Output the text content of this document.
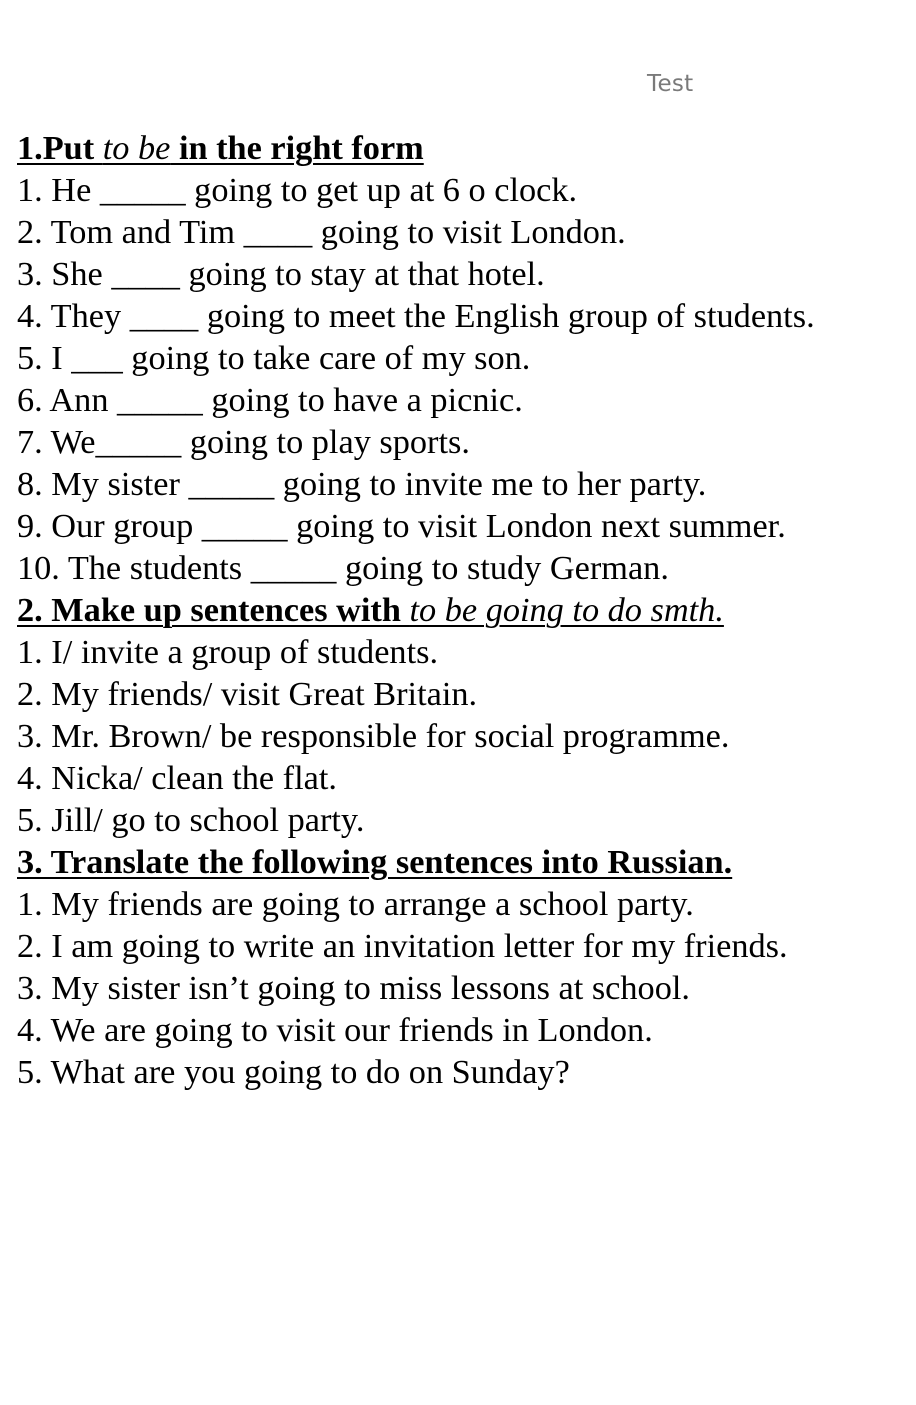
Test
1.Put to be in the right form
1. He _____ going to get up at 6 o clock.
2. Tom and Tim ____ going to visit London.
3. She ____ going to stay at that hotel.
4. They ____ going to meet the English group of students.
5. I ___ going to take care of my son.
6. Ann _____ going to have a picnic.
7. We_____ going to play sports.
8. My sister _____ going to invite me to her party.
9. Our group _____ going to visit London next summer.
10. The students _____ going to study German.
2. Make up sentences with to be going to do smth.
1. I/ invite a group of students.
2. My friends/ visit Great Britain.
3. Mr. Brown/ be responsible for social programme.
4. Nicka/ clean the flat.
5. Jill/ go to school party.
3. Translate the following sentences into Russian.
1. My friends are going to arrange a school party.
2. I am going to write an invitation letter for my friends.
3. My sister isn’t going to miss lessons at school.
4. We are going to visit our friends in London.
5. What are you going to do on Sunday?
